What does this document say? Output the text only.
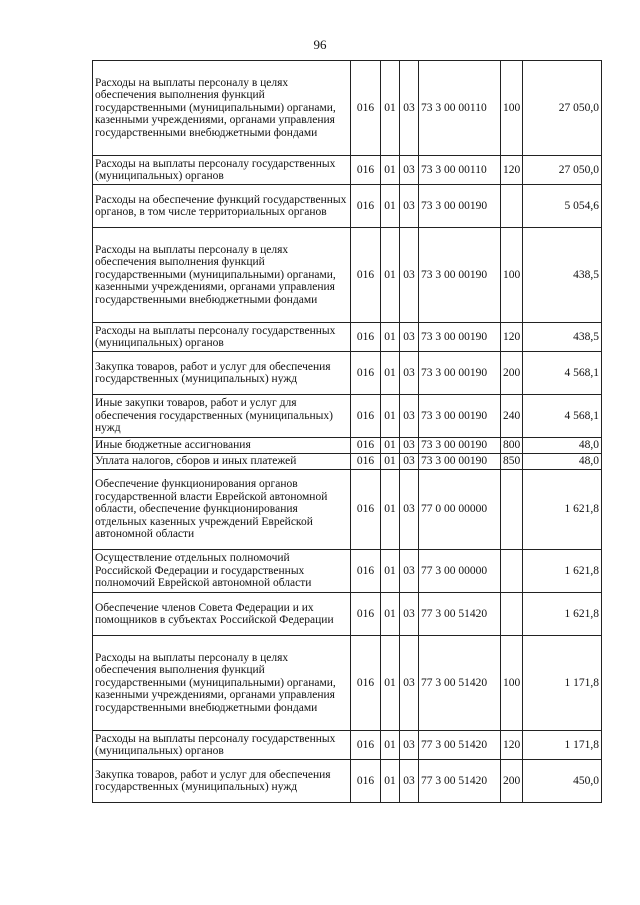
96
Расходы на выплаты персоналу в целях обеспечения выполнения функций государственными (муниципальными) органами, казенными учреждениями, органами управления государственными внебюджетными фондами	016	01	03	73 3 00 00110	100	27 050,0
Расходы на выплаты персоналу государственных (муниципальных) органов	016	01	03	73 3 00 00110	120	27 050,0
Расходы на обеспечение функций государственных органов, в том числе территориальных органов	016	01	03	73 3 00 00190		5 054,6
Расходы на выплаты персоналу в целях обеспечения выполнения функций государственными (муниципальными) органами, казенными учреждениями, органами управления государственными внебюджетными фондами	016	01	03	73 3 00 00190	100	438,5
Расходы на выплаты персоналу государственных (муниципальных) органов	016	01	03	73 3 00 00190	120	438,5
Закупка товаров, работ и услуг для обеспечения государственных (муниципальных) нужд	016	01	03	73 3 00 00190	200	4 568,1
Иные закупки товаров, работ и услуг для обеспечения государственных (муниципальных) нужд	016	01	03	73 3 00 00190	240	4 568,1
Иные бюджетные ассигнования	016	01	03	73 3 00 00190	800	48,0
Уплата налогов, сборов и иных платежей	016	01	03	73 3 00 00190	850	48,0
Обеспечение функционирования органов государственной власти Еврейской автономной области, обеспечение функционирования отдельных казенных учреждений Еврейской автономной области	016	01	03	77 0 00 00000		1 621,8
Осуществление отдельных полномочий Российской Федерации и государственных полномочий Еврейской автономной области	016	01	03	77 3 00 00000		1 621,8
Обеспечение членов Совета Федерации и их помощников в субъектах Российской Федерации	016	01	03	77 3 00 51420		1 621,8
Расходы на выплаты персоналу в целях обеспечения выполнения функций государственными (муниципальными) органами, казенными учреждениями, органами управления государственными внебюджетными фондами	016	01	03	77 3 00 51420	100	1 171,8
Расходы на выплаты персоналу государственных (муниципальных) органов	016	01	03	77 3 00 51420	120	1 171,8
Закупка товаров, работ и услуг для обеспечения государственных (муниципальных) нужд	016	01	03	77 3 00 51420	200	450,0
